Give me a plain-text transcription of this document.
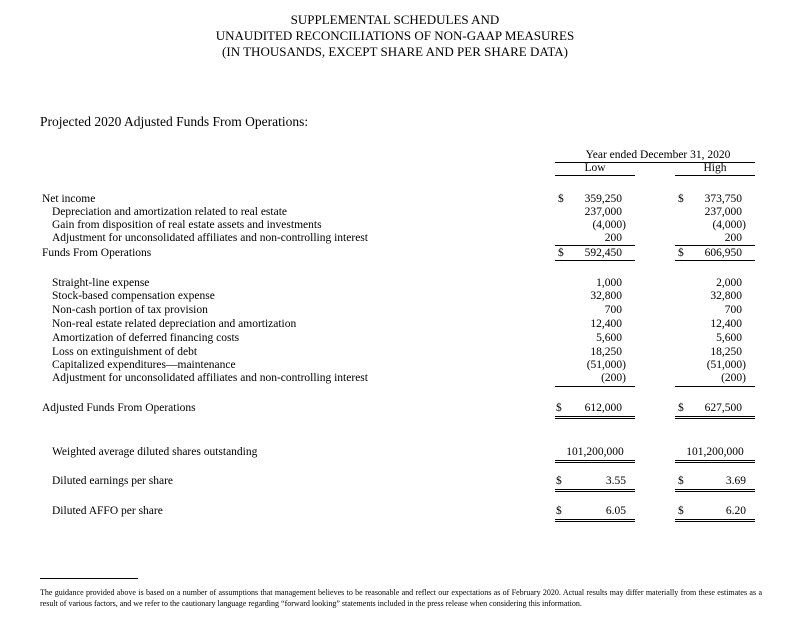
SUPPLEMENTAL SCHEDULES AND
UNAUDITED RECONCILIATIONS OF NON-GAAP MEASURES
(IN THOUSANDS, EXCEPT SHARE AND PER SHARE DATA)
Projected 2020 Adjusted Funds From Operations:
Year ended December 31, 2020
Low	High
Net income	$	359,250	$	373,750
Depreciation and amortization related to real estate	237,000	237,000
Gain from disposition of real estate assets and investments	(4,000)	(4,000)
Adjustment for unconsolidated affiliates and non-controlling interest	200	200
Funds From Operations	$	592,450	$	606,950
Straight-line expense	1,000	2,000
Stock-based compensation expense	32,800	32,800
Non-cash portion of tax provision	700	700
Non-real estate related depreciation and amortization	12,400	12,400
Amortization of deferred financing costs	5,600	5,600
Loss on extinguishment of debt	18,250	18,250
Capitalized expenditures—maintenance	(51,000)	(51,000)
Adjustment for unconsolidated affiliates and non-controlling interest	(200)	(200)
Adjusted Funds From Operations	$	612,000	$	627,500
Weighted average diluted shares outstanding	101,200,000	101,200,000
Diluted earnings per share	$	3.55	$	3.69
Diluted AFFO per share	$	6.05	$	6.20
The guidance provided above is based on a number of assumptions that management believes to be reasonable and reflect our expectations as of February 2020. Actual results may differ materially from these estimates as a result of various factors, and we refer to the cautionary language regarding “forward looking” statements included in the press release when considering this information.
